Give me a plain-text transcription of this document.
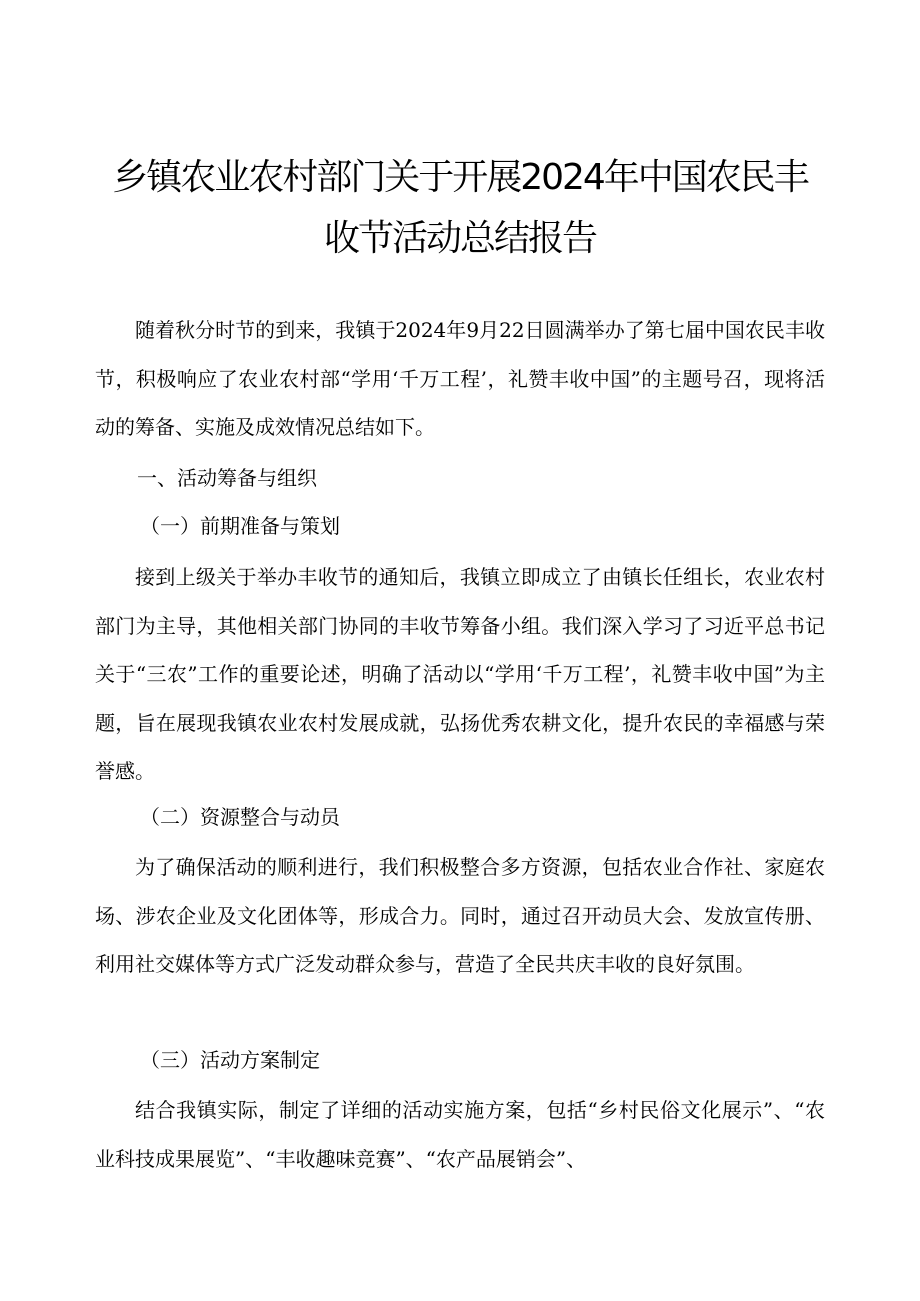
乡镇农业农村部门关于开展2024年中国农民丰
收节活动总结报告

随着秋分时节的到来，我镇于2024年9月22日圆满举办了第七届中国农民丰收节，积极响应了农业农村部“学用‘千万工程’，礼赞丰收中国”的主题号召，现将活动的筹备、实施及成效情况总结如下。

一、活动筹备与组织
（一）前期准备与策划

接到上级关于举办丰收节的通知后，我镇立即成立了由镇长任组长，农业农村部门为主导，其他相关部门协同的丰收节筹备小组。我们深入学习了习近平总书记关于“三农”工作的重要论述，明确了活动以“学用‘千万工程’，礼赞丰收中国”为主题，旨在展现我镇农业农村发展成就，弘扬优秀农耕文化，提升农民的幸福感与荣誉感。

（二）资源整合与动员

为了确保活动的顺利进行，我们积极整合多方资源，包括农业合作社、家庭农场、涉农企业及文化团体等，形成合力。同时，通过召开动员大会、发放宣传册、利用社交媒体等方式广泛发动群众参与，营造了全民共庆丰收的良好氛围。

（三）活动方案制定

结合我镇实际，制定了详细的活动实施方案，包括“乡村民俗文化展示”、“农业科技成果展览”、“丰收趣味竞赛”、“农产品展销会”、
